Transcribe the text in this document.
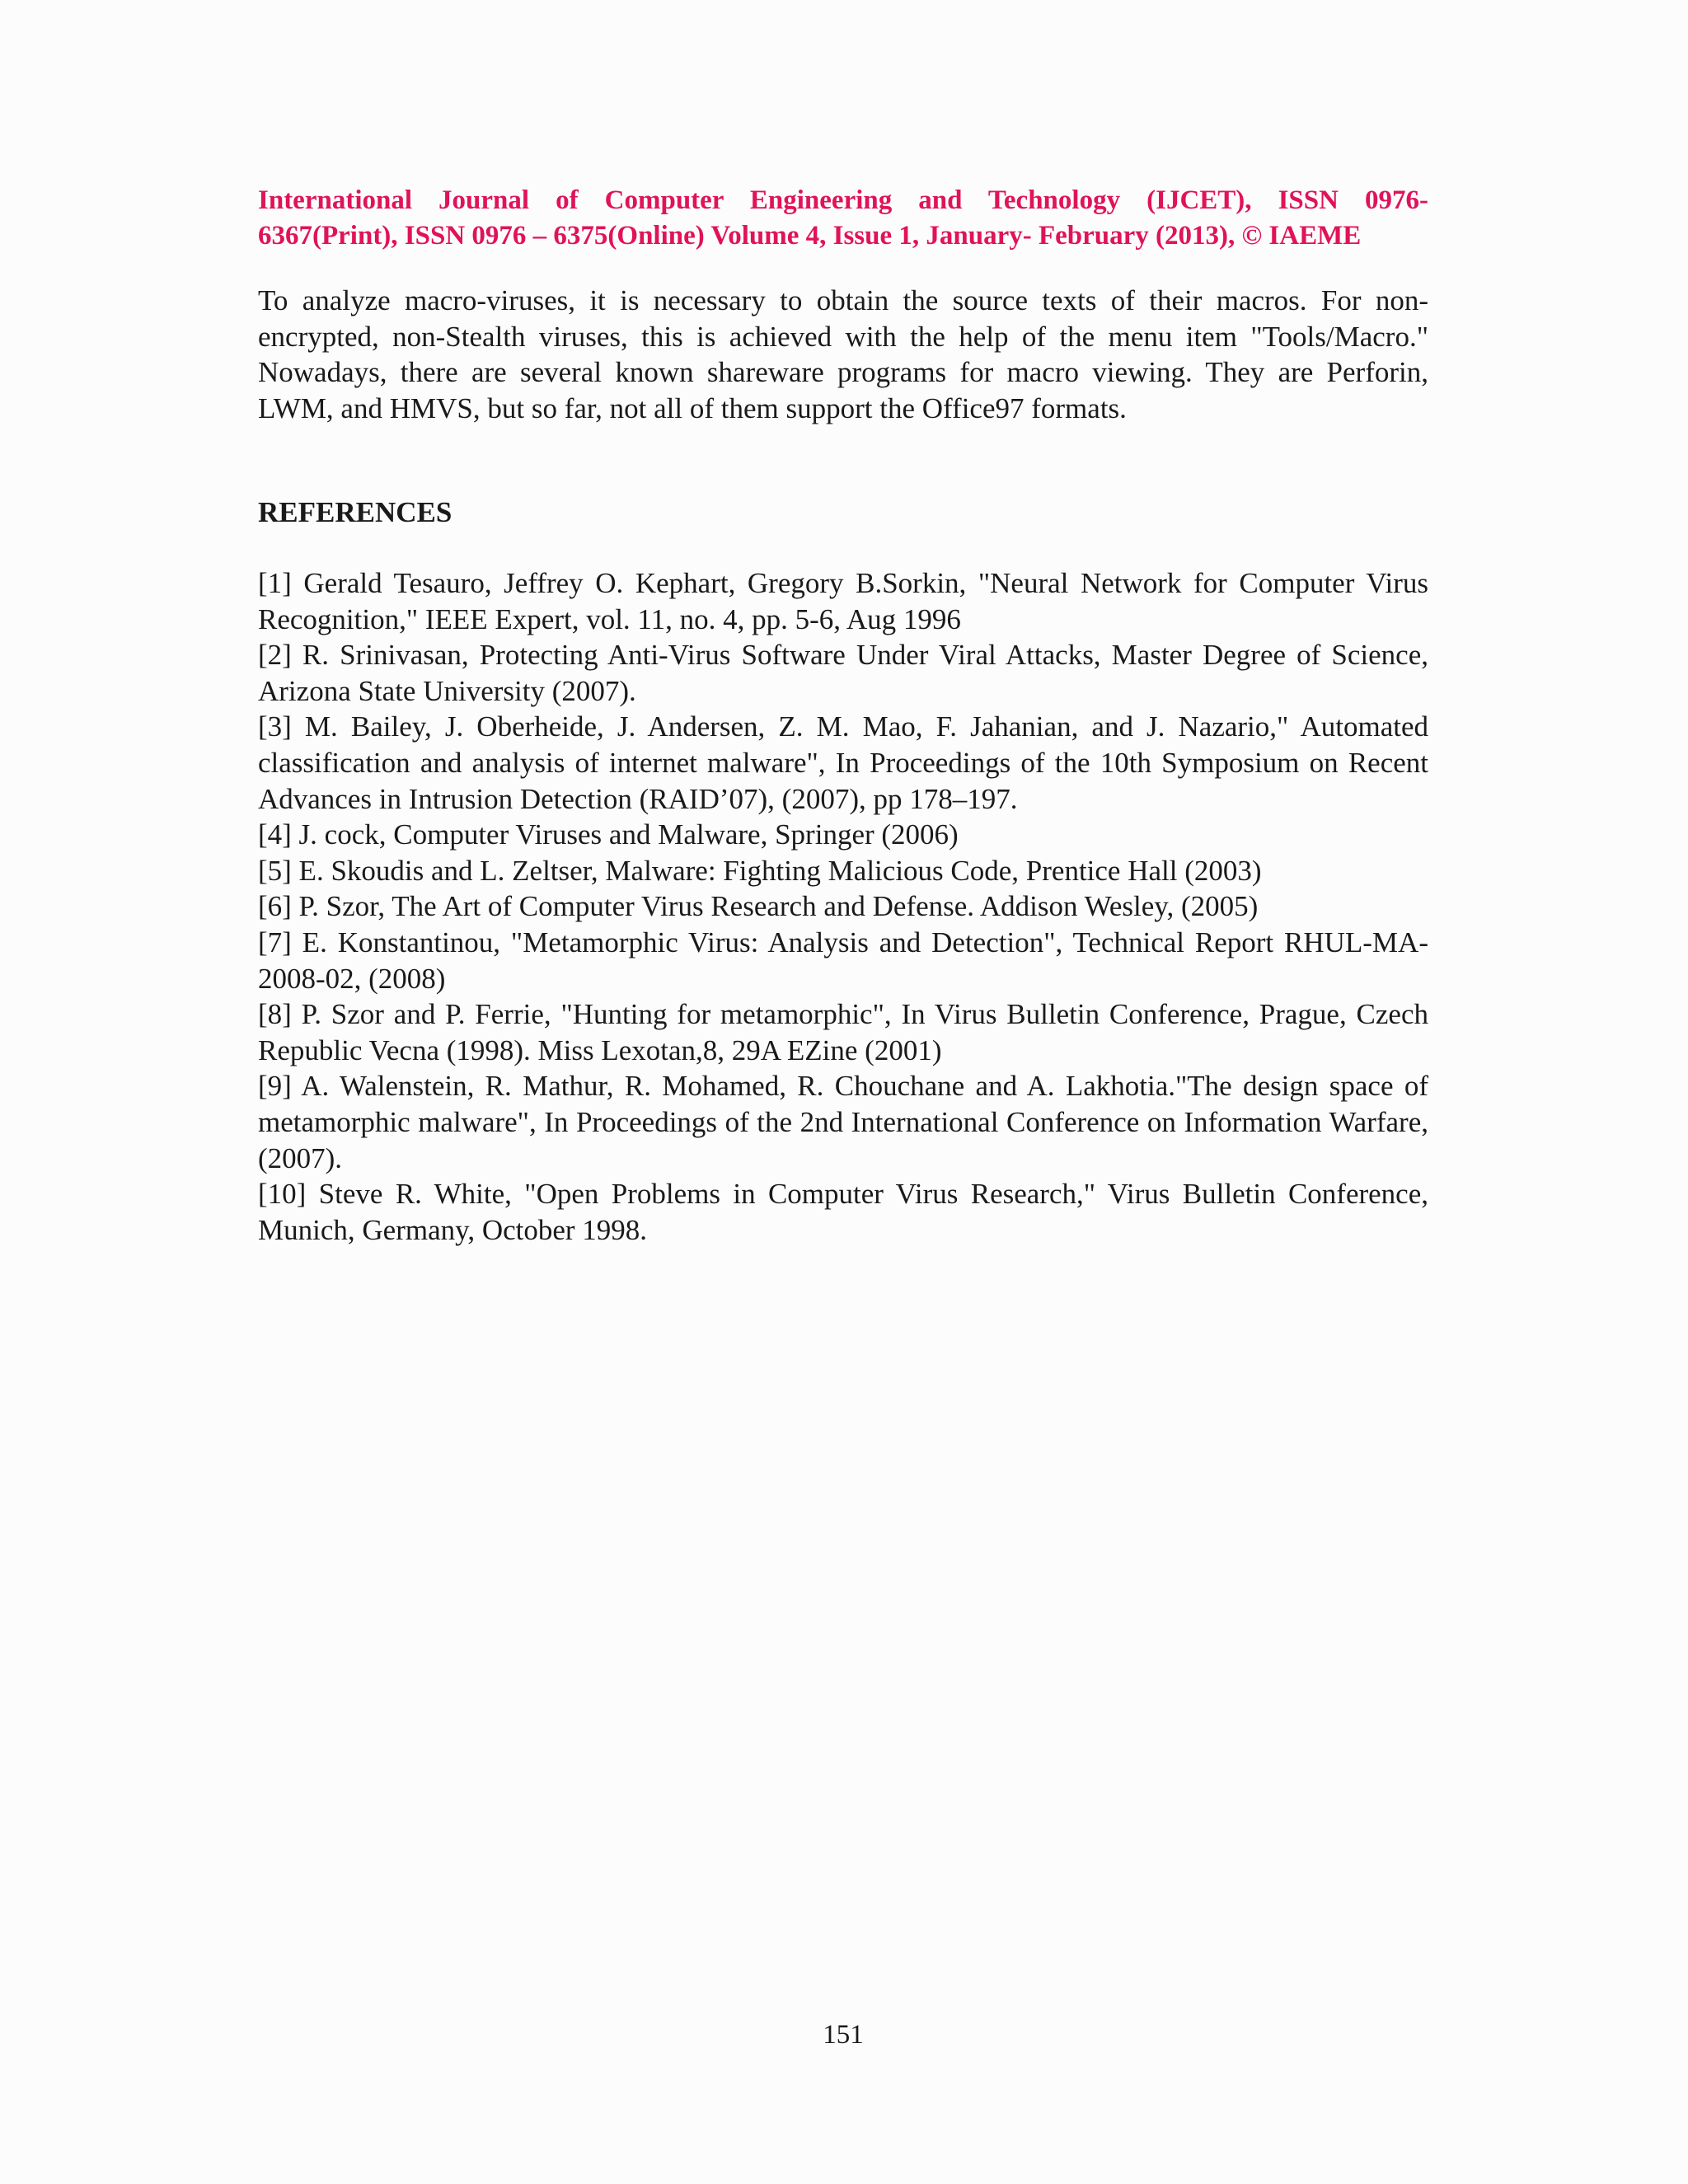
International Journal of Computer Engineering and Technology (IJCET), ISSN 0976-
6367(Print), ISSN 0976 – 6375(Online) Volume 4, Issue 1, January- February (2013), © IAEME

To analyze macro-viruses, it is necessary to obtain the source texts of their macros. For non-encrypted, non-Stealth viruses, this is achieved with the help of the menu item "Tools/Macro." Nowadays, there are several known shareware programs for macro viewing. They are Perforin, LWM, and HMVS, but so far, not all of them support the Office97 formats.

REFERENCES
[1] Gerald Tesauro, Jeffrey O. Kephart, Gregory B.Sorkin, "Neural Network for Computer Virus Recognition," IEEE Expert, vol. 11, no. 4, pp. 5-6, Aug 1996
[2] R. Srinivasan, Protecting Anti-Virus Software Under Viral Attacks, Master Degree of Science, Arizona State University (2007).
[3] M. Bailey, J. Oberheide, J. Andersen, Z. M. Mao, F. Jahanian, and J. Nazario," Automated classification and analysis of internet malware", In Proceedings of the 10th Symposium on Recent Advances in Intrusion Detection (RAID’07), (2007), pp 178–197.
[4] J. cock, Computer Viruses and Malware, Springer (2006)
[5] E. Skoudis and L. Zeltser, Malware: Fighting Malicious Code, Prentice Hall (2003)
[6] P. Szor, The Art of Computer Virus Research and Defense. Addison Wesley, (2005)
[7] E. Konstantinou, "Metamorphic Virus: Analysis and Detection", Technical Report RHUL-MA-2008-02, (2008)
[8] P. Szor and P. Ferrie, "Hunting for metamorphic", In Virus Bulletin Conference, Prague, Czech Republic Vecna (1998). Miss Lexotan,8, 29A EZine (2001)
[9] A. Walenstein, R. Mathur, R. Mohamed, R. Chouchane and A. Lakhotia."The design space of metamorphic malware", In Proceedings of the 2nd International Conference on Information Warfare, (2007).
[10] Steve R. White, "Open Problems in Computer Virus Research," Virus Bulletin Conference, Munich, Germany, October 1998.
151
